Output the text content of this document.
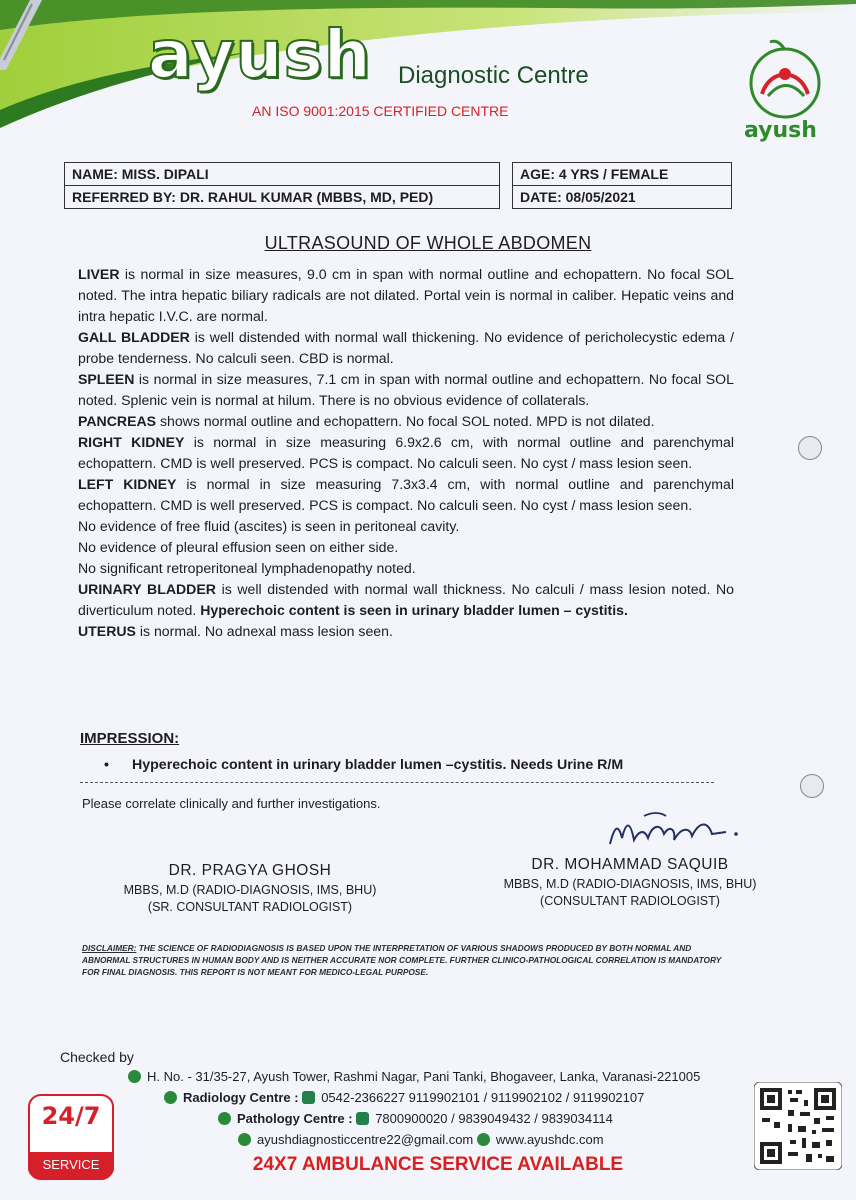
ayush Diagnostic Centre
AN ISO 9001:2015 CERTIFIED CENTRE
ayush
NAME: MISS. DIPALI		AGE: 4 YRS / FEMALE
REFERRED BY: DR. RAHUL KUMAR (MBBS, MD, PED)		DATE: 08/05/2021
ULTRASOUND OF WHOLE ABDOMEN

LIVER is normal in size measures, 9.0 cm in span with normal outline and echopattern. No focal SOL noted. The intra hepatic biliary radicals are not dilated. Portal vein is normal in caliber. Hepatic veins and intra hepatic I.V.C. are normal.

GALL BLADDER is well distended with normal wall thickening. No evidence of pericholecystic edema / probe tenderness. No calculi seen. CBD is normal.

SPLEEN is normal in size measures, 7.1 cm in span with normal outline and echopattern. No focal SOL noted. Splenic vein is normal at hilum. There is no obvious evidence of collaterals.

PANCREAS shows normal outline and echopattern. No focal SOL noted. MPD is not dilated.

RIGHT KIDNEY is normal in size measuring 6.9x2.6 cm, with normal outline and parenchymal echopattern. CMD is well preserved. PCS is compact. No calculi seen. No cyst / mass lesion seen.

LEFT KIDNEY is normal in size measuring 7.3x3.4 cm, with normal outline and parenchymal echopattern. CMD is well preserved. PCS is compact. No calculi seen. No cyst / mass lesion seen.

No evidence of free fluid (ascites) is seen in peritoneal cavity.

No evidence of pleural effusion seen on either side.

No significant retroperitoneal lymphadenopathy noted.

URINARY BLADDER is well distended with normal wall thickness. No calculi / mass lesion noted. No diverticulum noted. Hyperechoic content is seen in urinary bladder lumen – cystitis.

UTERUS is normal. No adnexal mass lesion seen.

IMPRESSION:
• Hyperechoic content in urinary bladder lumen –cystitis. Needs Urine R/M
Please correlate clinically and further investigations.
DR. PRAGYA GHOSH
MBBS, M.D (RADIO-DIAGNOSIS, IMS, BHU)
(SR. CONSULTANT RADIOLOGIST)
DR. MOHAMMAD SAQUIB
MBBS, M.D (RADIO-DIAGNOSIS, IMS, BHU)
(CONSULTANT RADIOLOGIST)
DISCLAIMER: THE SCIENCE OF RADIODIAGNOSIS IS BASED UPON THE INTERPRETATION OF VARIOUS SHADOWS PRODUCED BY BOTH NORMAL AND ABNORMAL STRUCTURES IN HUMAN BODY AND IS NEITHER ACCURATE NOR COMPLETE. FURTHER CLINICO-PATHOLOGICAL CORRELATION IS MANDATORY FOR FINAL DIAGNOSIS. THIS REPORT IS NOT MEANT FOR MEDICO-LEGAL PURPOSE.
Checked by
H. No. - 31/35-27, Ayush Tower, Rashmi Nagar, Pani Tanki, Bhogaveer, Lanka, Varanasi-221005
Radiology Centre : 0542-2366227 9119902101 / 9119902102 / 9119902107
Pathology Centre : 7800900020 / 9839049432 / 9839034114
ayushdiagnosticcentre22@gmail.com www.ayushdc.com
24X7 AMBULANCE SERVICE AVAILABLE
24/7
SERVICE
